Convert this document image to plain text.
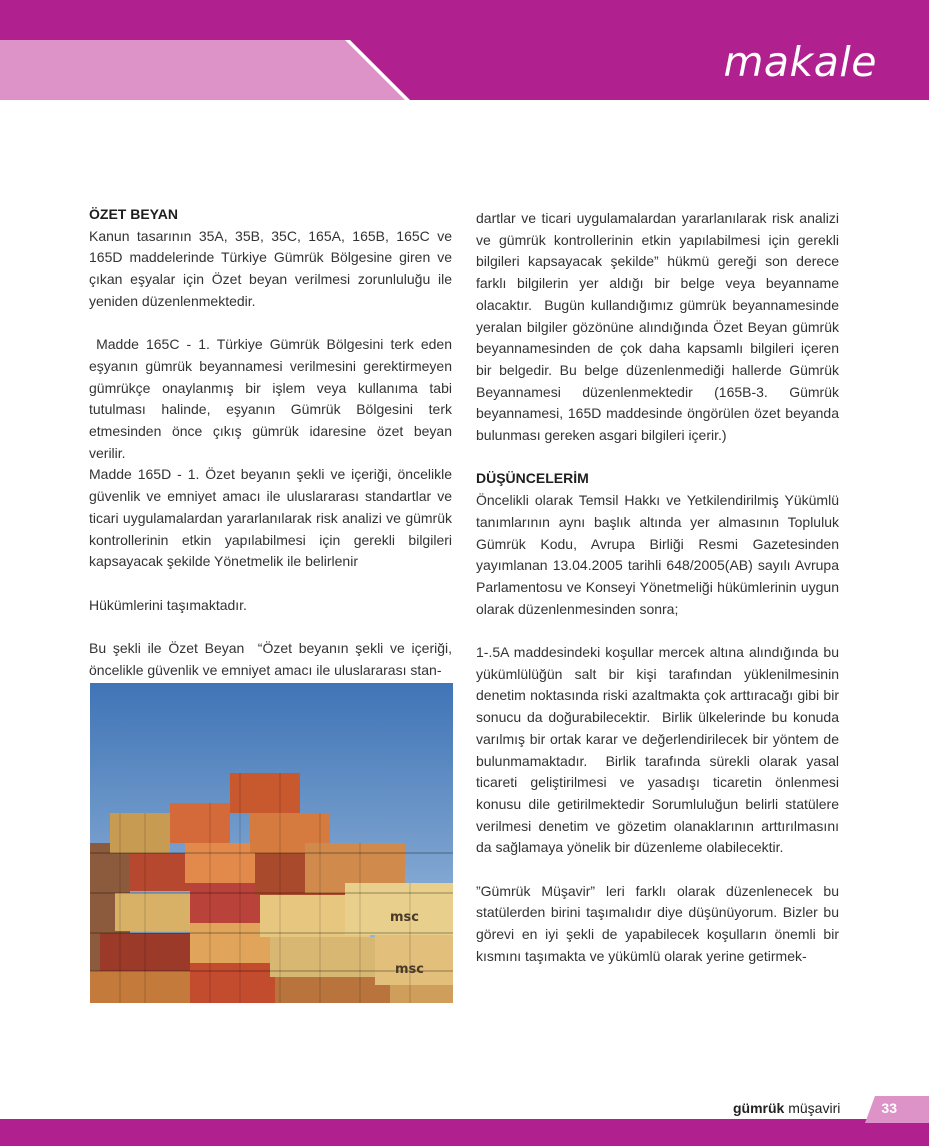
makale
ÖZET BEYAN

Kanun tasarının 35A, 35B, 35C, 165A, 165B, 165C ve 165D maddelerinde Türkiye Gümrük Bölgesine giren ve çıkan eşyalar için Özet beyan verilmesi zorunluluğu ile yeniden düzenlenmektedir.

Madde 165C - 1. Türkiye Gümrük Bölgesini terk eden eşyanın gümrük beyannamesi verilmesini gerektirmeyen gümrükçe onaylanmış bir işlem veya kullanıma tabi tutulması halinde, eşyanın Gümrük Bölgesini terk etmesinden önce çıkış gümrük idaresine özet beyan verilir.

Madde 165D - 1. Özet beyanın şekli ve içeriği, öncelikle güvenlik ve emniyet amacı ile uluslararası standartlar ve ticari uygulamalardan yararlanılarak risk analizi ve gümrük kontrollerinin etkin yapılabilmesi için gerekli bilgileri kapsayacak şekilde Yönetmelik ile belirlenir

Hükümlerini taşımaktadır.

Bu şekli ile Özet Beyan  “Özet beyanın şekli ve içeriği, öncelikle güvenlik ve emniyet amacı ile uluslararası stan-

msc
msc

dartlar ve ticari uygulamalardan yararlanılarak risk analizi ve gümrük kontrollerinin etkin yapılabilmesi için gerekli bilgileri kapsayacak şekilde” hükmü gereği son derece farklı bilgilerin yer aldığı bir belge veya beyanname olacaktır.  Bugün kullandığımız gümrük beyannamesinde yeralan bilgiler gözönüne alındığında Özet Beyan gümrük beyannamesinden de çok daha kapsamlı bilgileri içeren  bir belgedir. Bu belge düzenlenmediği hallerde Gümrük Beyannamesi düzenlenmektedir (165B-3. Gümrük beyannamesi, 165D maddesinde öngörülen özet beyanda bulunması gereken asgari bilgileri içerir.)

DÜŞÜNCELERİM

Öncelikli olarak Temsil Hakkı ve Yetkilendirilmiş Yükümlü tanımlarının aynı başlık altında yer almasının Topluluk Gümrük Kodu, Avrupa Birliği Resmi Gazetesinden yayımlanan 13.04.2005 tarihli 648/2005(AB) sayılı Avrupa Parlamentosu ve Konseyi Yönetmeliği hükümlerinin uygun olarak düzenlenmesinden sonra;

1-.5A maddesindeki koşullar mercek altına alındığında bu yükümlülüğün salt bir kişi tarafından yüklenilmesinin denetim noktasında riski azaltmakta çok arttıracağı gibi bir sonucu da doğurabilecektir.  Birlik ülkelerinde bu konuda varılmış bir ortak karar ve değerlendirilecek bir yöntem de bulunmamaktadır.  Birlik tarafında sürekli olarak yasal ticareti geliştirilmesi ve yasadışı ticaretin önlenmesi konusu dile getirilmektedir Sorumluluğun belirli statülere verilmesi denetim ve gözetim olanaklarının arttırılmasını da sağlamaya yönelik bir düzenleme olabilecektir.

”Gümrük Müşavir” leri farklı olarak düzenlenecek bu statülerden birini taşımalıdır diye düşünüyorum. Bizler bu görevi en iyi şekli de yapabilecek koşulların önemli bir kısmını taşımakta ve yükümlü olarak yerine getirmek-

gümrük müşaviri	33
